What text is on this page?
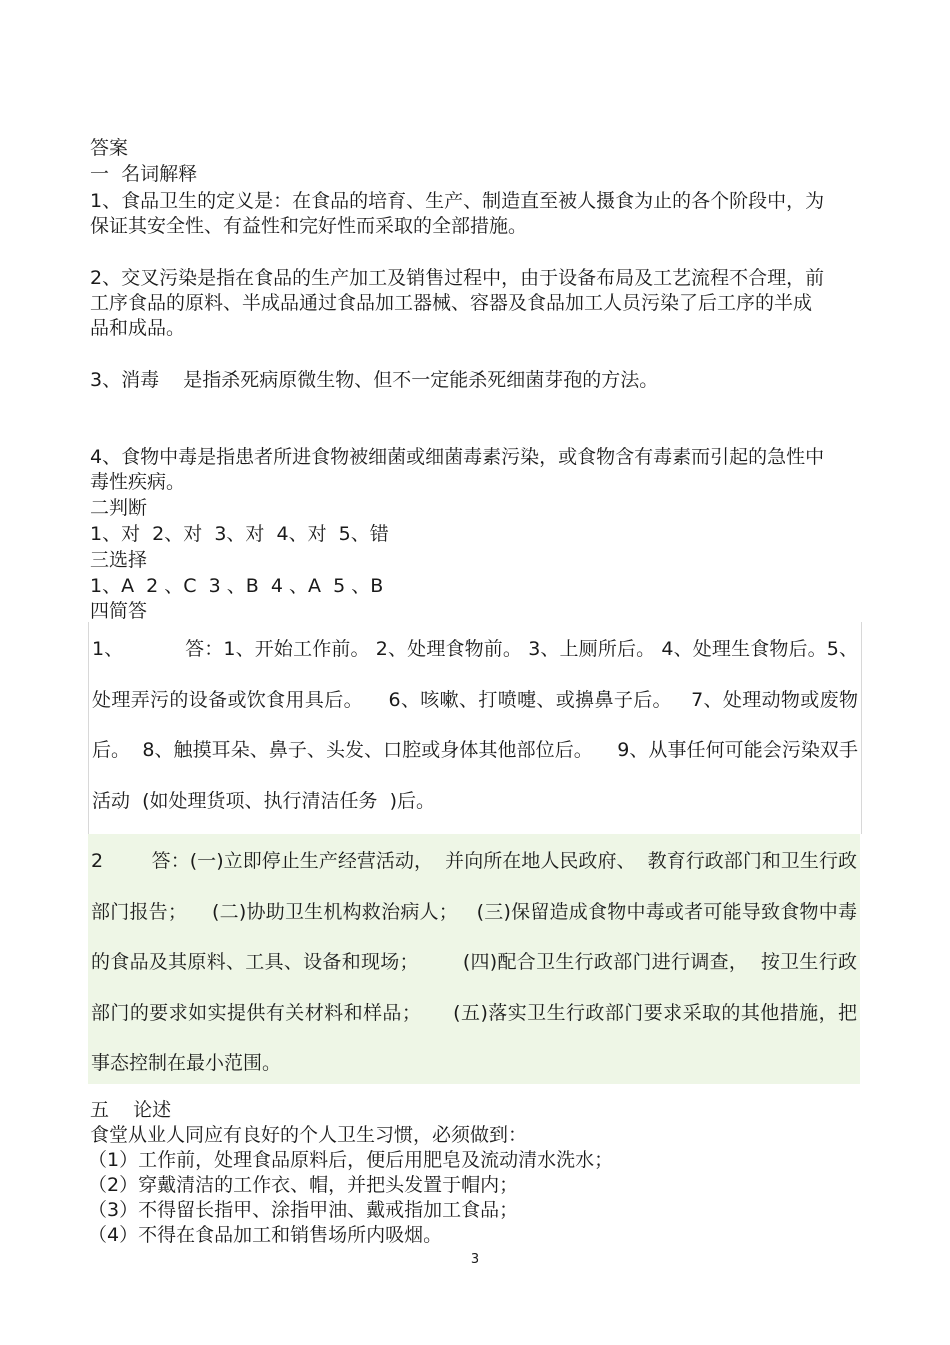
答案
一  名词解释
1、食品卫生的定义是：在食品的培育、生产、制造直至被人摄食为止的各个阶段中，为保证其安全性、有益性和完好性而采取的全部措施。
2、交叉污染是指在食品的生产加工及销售过程中，由于设备布局及工艺流程不合理，前工序食品的原料、半成品通过食品加工器械、容器及食品加工人员污染了后工序的半成品和成品。
3、消毒    是指杀死病原微生物、但不一定能杀死细菌芽孢的方法。
4、食物中毒是指患者所进食物被细菌或细菌毒素污染，或食物含有毒素而引起的急性中毒性疾病。
二判断
1、对  2、对  3、对  4、对  5、错
三选择
1、A  2 、C  3 、B  4 、A  5 、B
四简答
1、          答：1、开始工作前。 2、处理食物前。 3、上厕所后。 4、处理生食物后。5、处理弄污的设备或饮食用具后。    6、咳嗽、打喷嚏、或擤鼻子后。   7、处理动物或废物后。  8、触摸耳朵、鼻子、头发、口腔或身体其他部位后。    9、从事任何可能会污染双手活动  (如处理货项、执行清洁任务  )后。
2        答：(一)立即停止生产经营活动，  并向所在地人民政府、  教育行政部门和卫生行政部门报告；    (二)协助卫生机构救治病人；   (三)保留造成食物中毒或者可能导致食物中毒的食品及其原料、工具、设备和现场；       (四)配合卫生行政部门进行调查，  按卫生行政部门的要求如实提供有关材料和样品；     (五)落实卫生行政部门要求采取的其他措施，把事态控制在最小范围。
五    论述
食堂从业人同应有良好的个人卫生习惯，必须做到：
（1）工作前，处理食品原料后，便后用肥皂及流动清水洗水；
（2）穿戴清洁的工作衣、帽，并把头发置于帽内；
（3）不得留长指甲、涂指甲油、戴戒指加工食品；
（4）不得在食品加工和销售场所内吸烟。
3
